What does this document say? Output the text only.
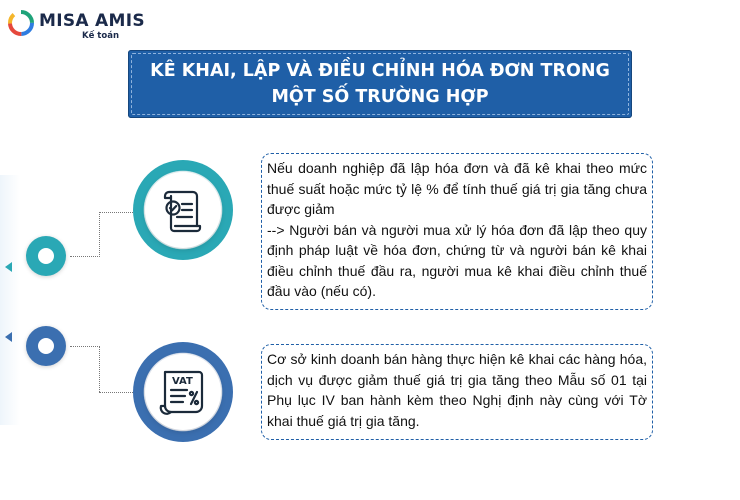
MISA AMIS
Kế toán
KÊ KHAI, LẬP VÀ ĐIỀU CHỈNH HÓA ĐƠN TRONG
MỘT SỐ TRƯỜNG HỢP

Nếu doanh nghiệp đã lập hóa đơn và đã kê khai theo mức thuế suất hoặc mức tỷ lệ % để tính thuế giá trị gia tăng chưa được giảm

--> Người bán và người mua xử lý hóa đơn đã lập theo quy định pháp luật về hóa đơn, chứng từ và người bán kê khai điều chỉnh thuế đầu ra, người mua kê khai điều chỉnh thuế đầu vào (nếu có).

VAT

Cơ sở kinh doanh bán hàng thực hiện kê khai các hàng hóa, dịch vụ được giảm thuế giá trị gia tăng theo Mẫu số 01 tại Phụ lục IV ban hành kèm theo Nghị định này cùng với Tờ khai thuế giá trị gia tăng.
